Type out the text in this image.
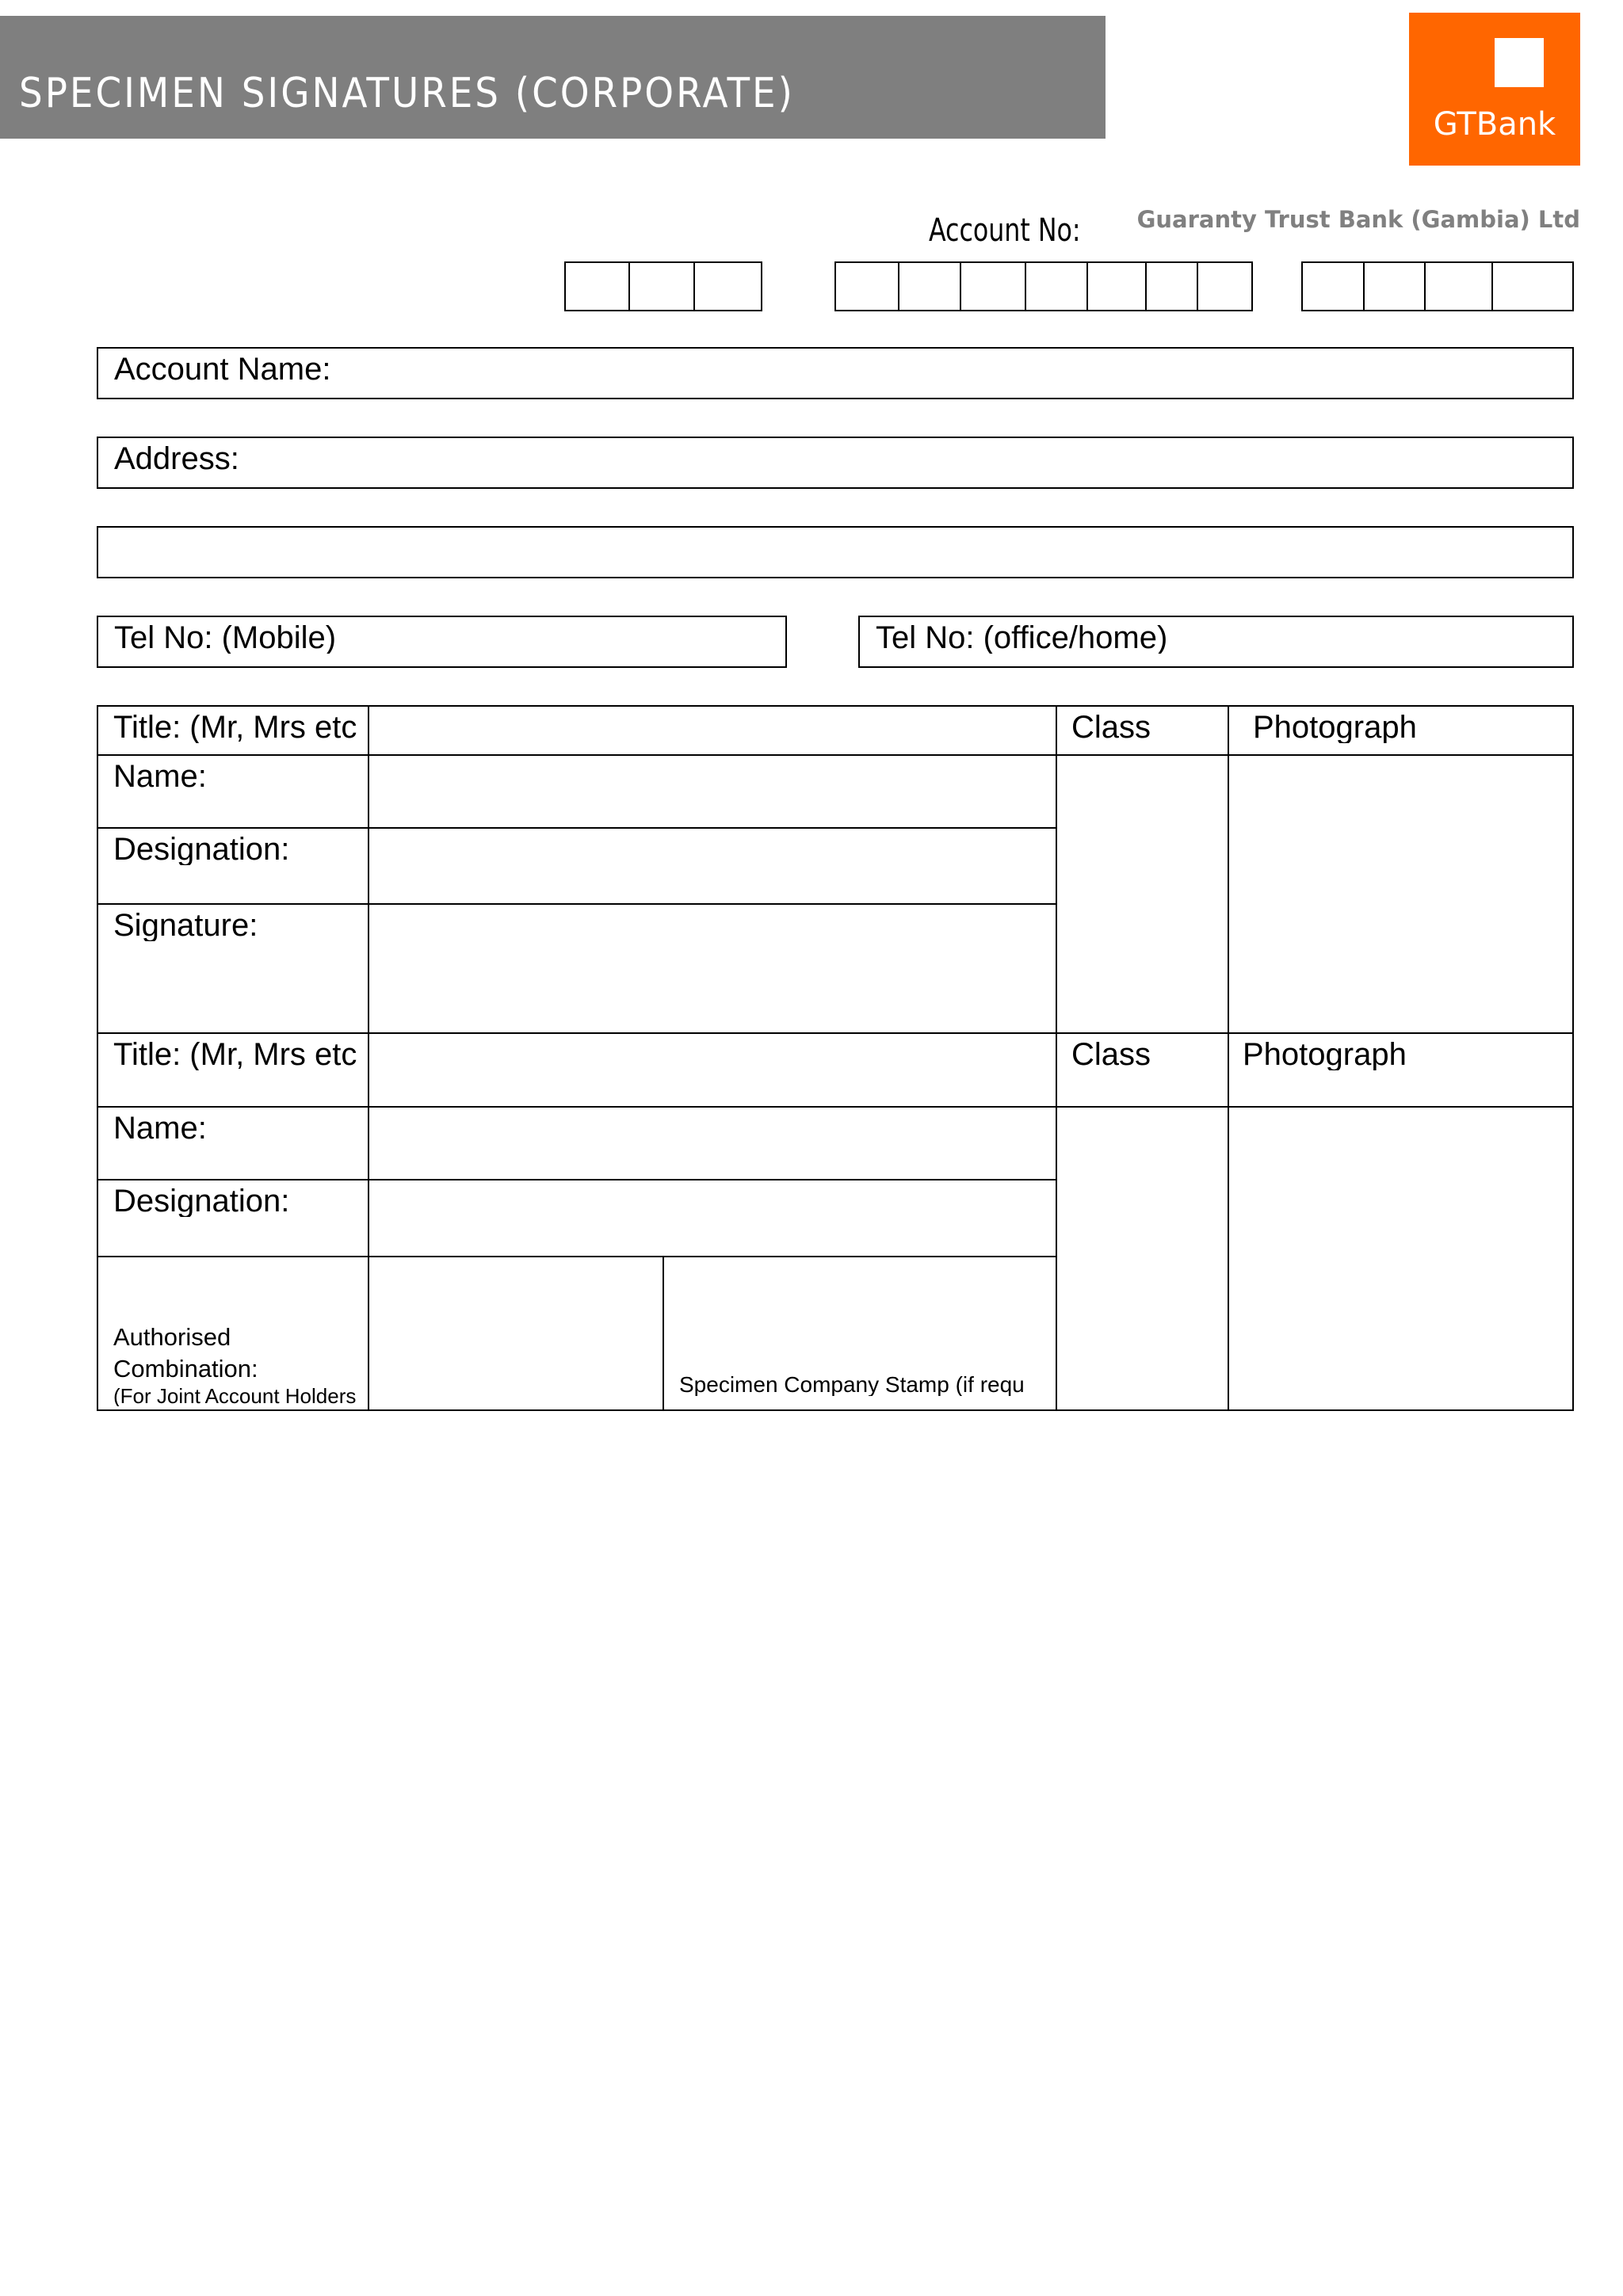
SPECIMEN SIGNATURES (CORPORATE)
GTBank
Guaranty Trust Bank (Gambia) Ltd
Account No:
Account Name:
Address:
Tel No: (Mobile)	Tel No: (office/home)
Title: (Mr, Mrs etc	Class	Photograph
Name:
Designation:
Signature:
Title: (Mr, Mrs etc	Class	Photograph
Name:
Designation:
Authorised
Combination:
(For Joint Account Holders	Specimen Company Stamp (if requ
